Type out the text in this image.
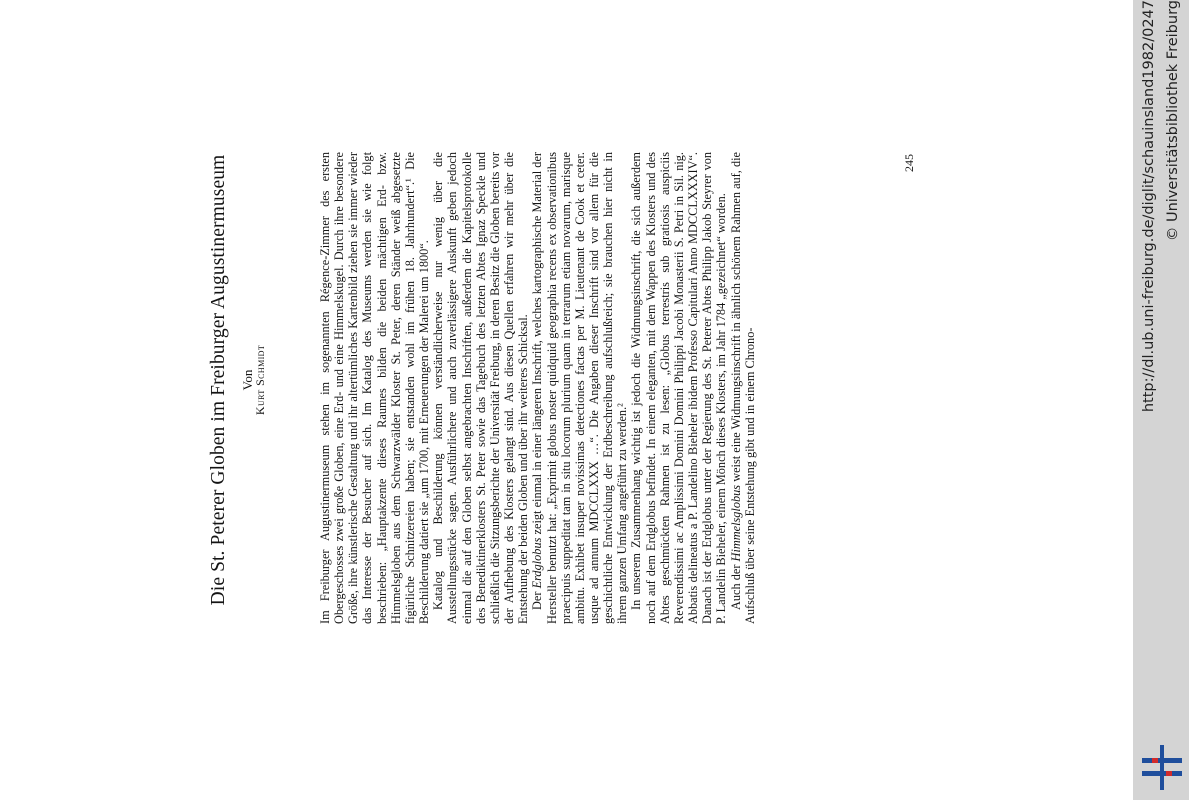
Die St. Peterer Globen im Freiburger Augustinermuseum Von
Kurt Schmidt	Im Freiburger Augustinermuseum stehen im sogenannten Régence-Zimmer des ersten Obergeschosses zwei große Globen, eine Erd- und eine Himmelskugel. Durch ihre besondere Größe, ihre künstlerische Gestaltung und ihr altertümliches Kartenbild ziehen sie immer wieder das Interesse der Besucher auf sich. Im Katalog des Museums werden sie wie folgt beschrieben: „Hauptakzente dieses Raumes bilden die beiden mächtigen Erd- bzw. Himmelsgloben aus dem Schwarzwälder Kloster St. Peter, deren Ständer weiß abgesetzte figürliche Schnitzereien haben; sie entstanden wohl im frühen 18. Jahrhundert“.¹ Die Beschilderung datiert sie „um 1700, mit Erneuerungen der Malerei um 1800“. Katalog und Beschilderung können verständlicherweise nur wenig über die Ausstellungsstücke sagen. Ausführlichere und auch zuverlässigere Auskunft geben jedoch einmal die auf den Globen selbst angebrachten Inschriften, außerdem die Kapitelsprotokolle des Benediktinerklosters St. Peter sowie das Tagebuch des letzten Abtes Ignaz Speckle und schließlich die Sitzungsberichte der Universität Freiburg, in deren Besitz die Globen bereits vor der Aufhebung des Klosters gelangt sind. Aus diesen Quellen erfahren wir mehr über die Entstehung der beiden Globen und über ihr weiteres Schicksal. Der Erdglobus zeigt einmal in einer längeren Inschrift, welches kartographische Material der Hersteller benutzt hat: „Exprimit globus noster quidquid geographia recens ex observationibus praecipuis suppeditat tam in situ locorum plurium quam in terrarum etiam novarum, marisque ambitu. Exhibet insuper novissimas detectiones factas per M. Lieutenant de Cook et ceter. usque ad annum MDCCLXXX …“. Die Angaben dieser Inschrift sind vor allem für die geschichtliche Entwicklung der Erdbeschreibung aufschlußreich; sie brauchen hier nicht in ihrem ganzen Umfang angeführt zu werden.² In unserem Zusammenhang wichtig ist jedoch die Widmungsinschrift, die sich außerdem noch auf dem Erdglobus befindet. In einem eleganten, mit dem Wappen des Klosters und des Abtes geschmückten Rahmen ist zu lesen: „Globus terrestris sub gratiosis auspiciis Reverendissimi ac Amplissimi Domini Domini Philippi Jacobi Monasterii S. Petri in Sil. nig. Abbatis delineatus a P. Landelino Bieheler ibidem Professo Capitulari Anno MDCCLXXXIV“. Danach ist der Erdglobus unter der Regierung des St. Peterer Abtes Philipp Jakob Steyrer von P. Landelin Bieheler, einem Mönch dieses Klosters, im Jahr 1784 „gezeichnet“ worden. Auch der Himmelsglobus weist eine Widmungsinschrift in ähnlich schönem Rahmen auf, die Aufschluß über seine Entstehung gibt und in einem Chrono-

245	http://dl.ub.uni-freiburg.de/diglit/schauinsland1982/0247 © Universitätsbibliothek Freiburg
